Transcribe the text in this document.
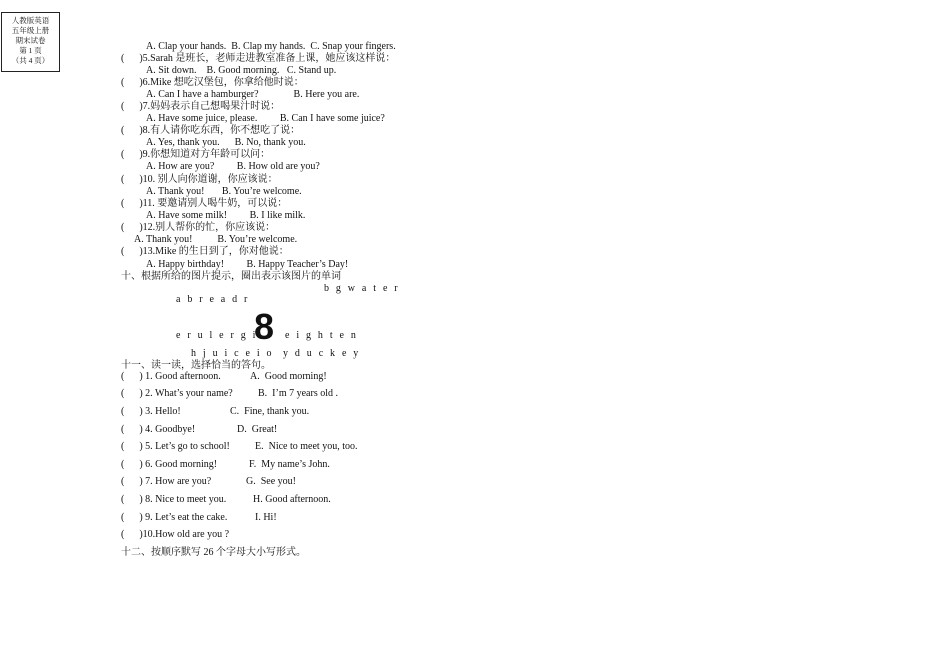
人教版英语
五年级上册
期末试卷
第 1 页
（共 4 页）
A. Clap your hands.  B. Clap my hands.  C. Snap your fingers.
(      )5.Sarah 是班长，老师走进教室准备上课，她应该这样说：
A. Sit down.    B. Good morning.   C. Stand up.
(      )6.Mike 想吃汉堡包，你拿给他时说：
A. Can I have a hamburger?              B. Here you are.
(      )7.妈妈表示自己想喝果汁时说：
A. Have some juice, please.         B. Can I have some juice?
(      )8.有人请你吃东西，你不想吃了说：
A. Yes, thank you.      B. No, thank you.
(      )9.你想知道对方年龄可以问：
A. How are you?         B. How old are you?
(      )10. 别人向你道谢，你应该说：
A. Thank you!       B. You’re welcome.
(      )11. 要邀请别人喝牛奶，可以说：
A. Have some milk!         B. I like milk.
(      )12.别人帮你的忙，你应该说：
A. Thank you!          B. You’re welcome.
(      )13.Mike 的生日到了，你对他说：
A. Happy birthday!         B. Happy Teacher’s Day!
十、根据所给的图片提示，圈出表示该图片的单词
b g w a t e r
a b r e a d r
e r u l e r g i
8 e i g h t e n
h j u i c e i o y d u c k e y
十一、读一读，选择恰当的答句。
(      ) 1. Good afternoon.	A.  Good morning!
(      ) 2. What’s your name?	B.  I’m 7 years old .
(      ) 3. Hello!	C.  Fine, thank you.
(      ) 4. Goodbye!	D.  Great!
(      ) 5. Let’s go to school!	E.  Nice to meet you, too.
(      ) 6. Good morning!	F.  My name’s John.
(      ) 7. How are you?	G.  See you!
(      ) 8. Nice to meet you.	H. Good afternoon.
(      ) 9. Let’s eat the cake.	I. Hi!
(      )10.How old are you ?
十二、按顺序默写 26 个字母大小写形式。
